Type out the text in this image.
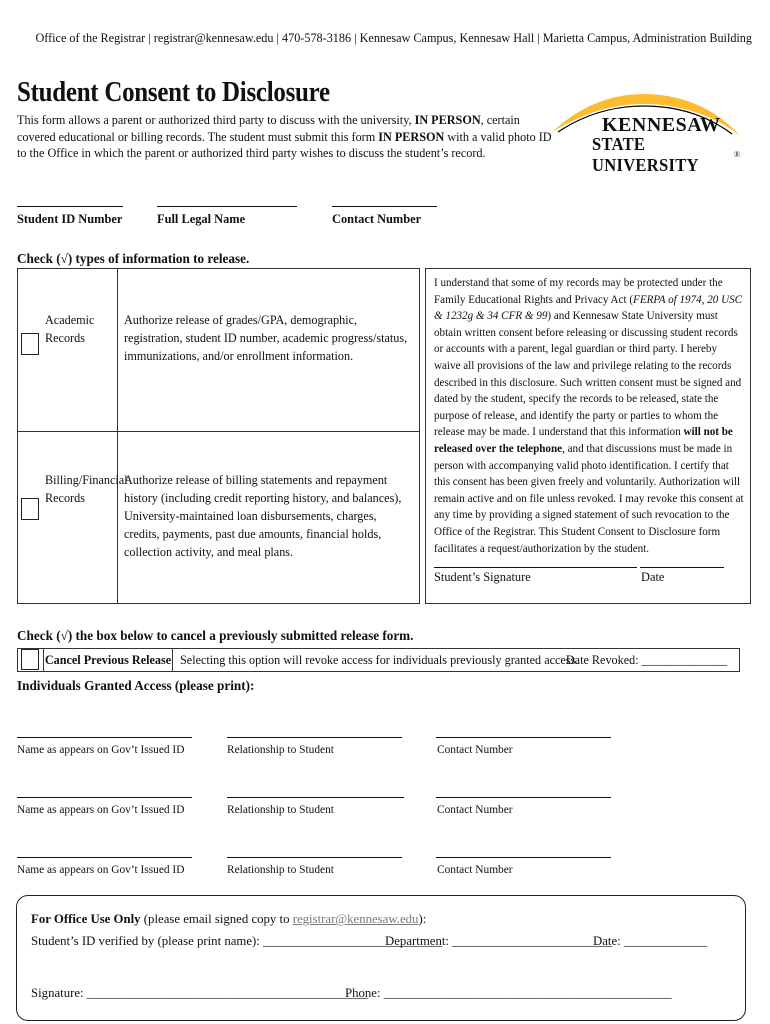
Office of the Registrar | registrar@kennesaw.edu | 470-578-3186 | Kennesaw Campus, Kennesaw Hall | Marietta Campus, Administration Building
Student Consent to Disclosure
This form allows a parent or authorized third party to discuss with the university, IN PERSON, certain covered educational or billing records. The student must submit this form IN PERSON with a valid photo ID to the Office in which the parent or authorized third party wishes to discuss the student’s record.
KENNESAW
STATE UNIVERSITY
®
Student ID Number	Full Legal Name	Contact Number
Check (√) types of information to release.
Academic Records
Authorize release of grades/GPA, demographic, registration, student ID number, academic progress/status, immunizations, and/or enrollment information.
Billing/Financial Records
Authorize release of billing statements and repayment history (including credit reporting history, and balances), University-maintained loan disbursements, charges, credits, payments, past due amounts, financial holds, collection activity, and meal plans.
I understand that some of my records may be protected under the Family Educational Rights and Privacy Act (FERPA of 1974, 20 USC & 1232g & 34 CFR & 99) and Kennesaw State University must obtain written consent before releasing or discussing student records or accounts with a parent, legal guardian or third party. I hereby waive all provisions of the law and privilege relating to the records described in this disclosure. Such written consent must be signed and dated by the student, specify the records to be released, state the purpose of release, and identify the party or parties to whom the release may be made. I understand that this information will not be released over the telephone, and that discussions must be made in person with accompanying valid photo identification. I certify that this consent has been given freely and voluntarily. Authorization will remain active and on file unless revoked. I may revoke this consent at any time by providing a signed statement of such revocation to the Office of the Registrar. This Student Consent to Disclosure form facilitates a request/authorization by the student.
Student’s Signature	Date
Check (√) the box below to cancel a previously submitted release form.
Cancel Previous Release Selecting this option will revoke access for individuals previously granted access.
Date Revoked: ______________
Individuals Granted Access (please print):
Name as appears on Gov’t Issued ID	Relationship to Student	Contact Number
Name as appears on Gov’t Issued ID	Relationship to Student	Contact Number
Name as appears on Gov’t Issued ID	Relationship to Student	Contact Number
For Office Use Only (please email signed copy to registrar@kennesaw.edu):
Student’s ID verified by (please print name): ____________________________
Department: _________________________
Date: _____________
Signature: ____________________________________________
Phone: _____________________________________________
